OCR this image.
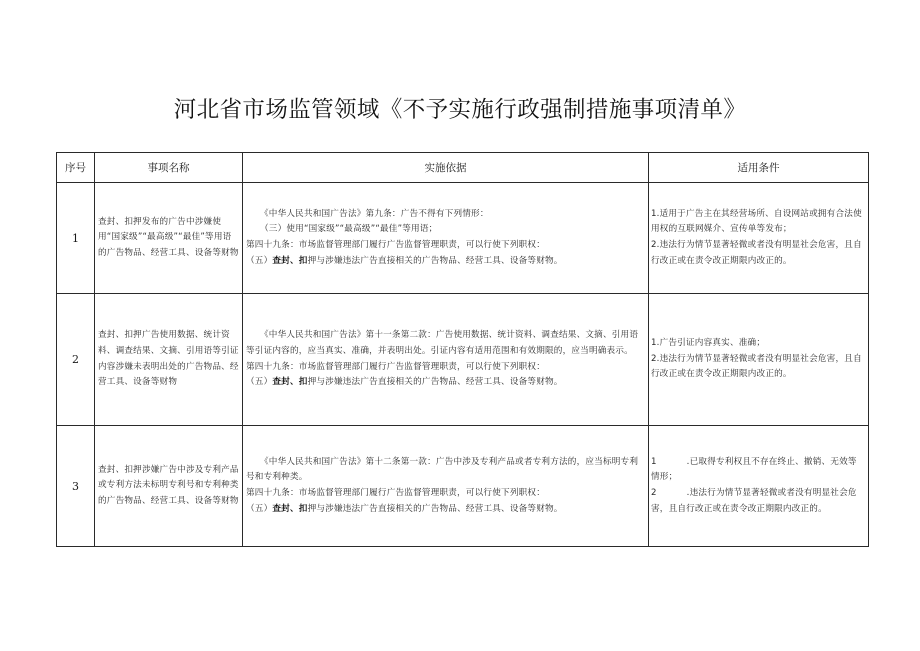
河北省市场监管领域《不予实施行政强制措施事项清单》
序号	事项名称	实施依据	适用条件
1	查封、扣押发布的广告中涉嫌使用“国家级”“最高级”“最佳”等用语的广告物品、经营工具、设备等财物	《中华人民共和国广告法》第九条：广告不得有下列情形：
（三）使用“国家级”“最高级”“最佳”等用语；
第四十九条：市场监督管理部门履行广告监督管理职责，可以行使下列职权：
（五）查封、扣押与涉嫌违法广告直接相关的广告物品、经营工具、设备等财物。	1.适用于广告主在其经营场所、自设网站或拥有合法使用权的互联网媒介、宣传单等发布；
2.违法行为情节显著轻微或者没有明显社会危害，且自行改正或在责令改正期限内改正的。

2	查封、扣押广告使用数据、统计资料、调查结果、文摘、引用语等引证内容涉嫌未表明出处的广告物品、经营工具、设备等财物	《中华人民共和国广告法》第十一条第二款：广告使用数据、统计资料、调查结果、文摘、引用语等引证内容的，应当真实、准确，并表明出处。引证内容有适用范围和有效期限的，应当明确表示。
第四十九条：市场监督管理部门履行广告监督管理职责，可以行使下列职权：
（五）查封、扣押与涉嫌违法广告直接相关的广告物品、经营工具、设备等财物。	1.广告引证内容真实、准确；
2.违法行为情节显著轻微或者没有明显社会危害，且自行改正或在责令改正期限内改正的。

3	查封、扣押涉嫌广告中涉及专利产品或专利方法未标明专利号和专利种类的广告物品、经营工具、设备等财物	《中华人民共和国广告法》第十二条第一款：广告中涉及专利产品或者专利方法的，应当标明专利号和专利种类。
第四十九条：市场监督管理部门履行广告监督管理职责，可以行使下列职权：
（五）查封、扣押与涉嫌违法广告直接相关的广告物品、经营工具、设备等财物。	1 .已取得专利权且不存在终止、撤销、无效等情形；
2 .违法行为情节显著轻微或者没有明显社会危害，且自行改正或在责令改正期限内改正的。
